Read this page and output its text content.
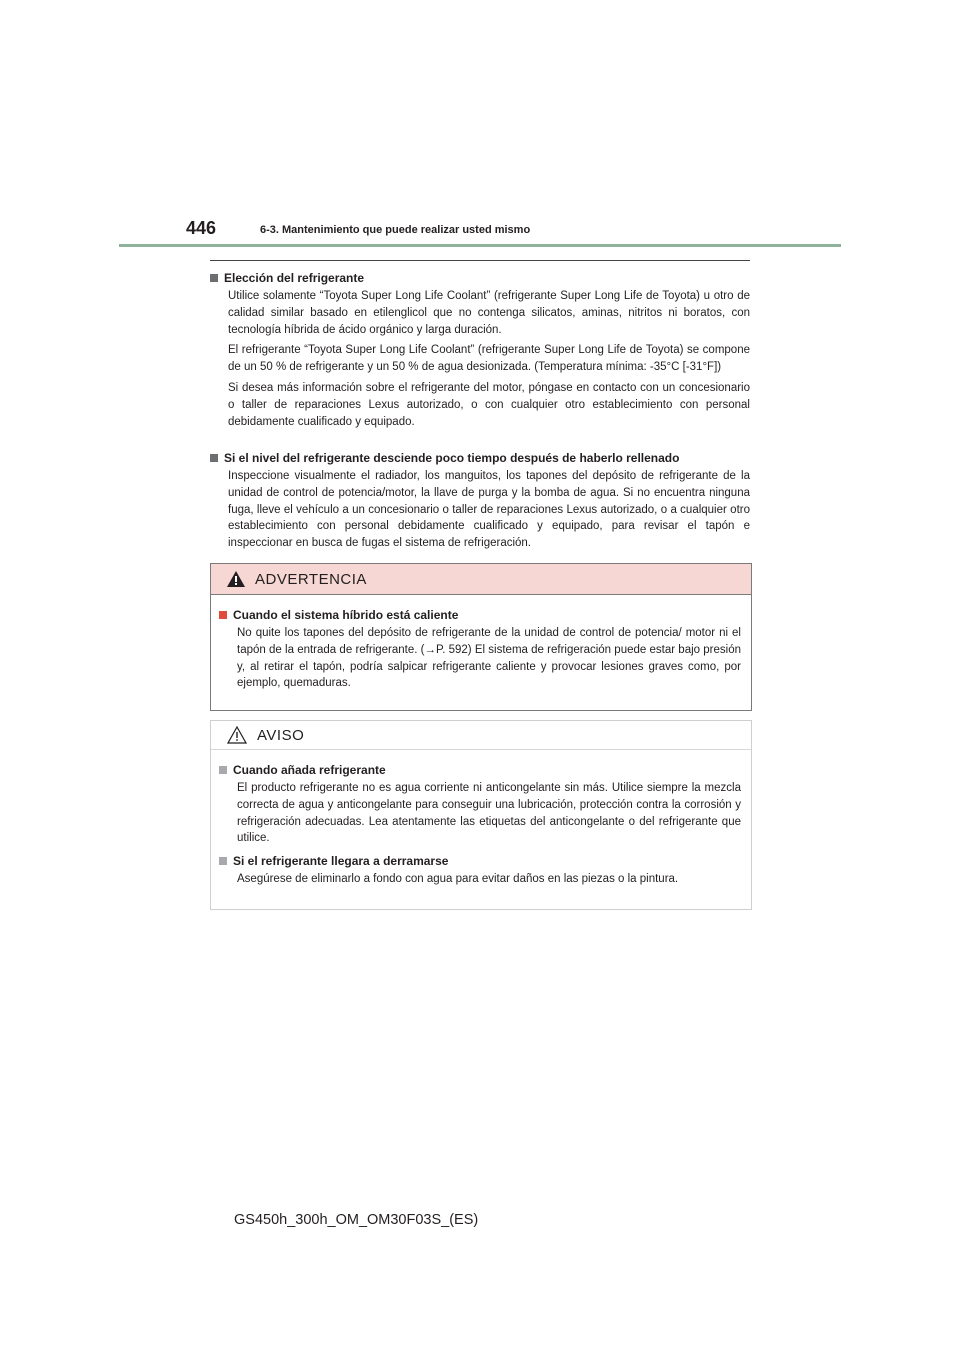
446	6-3. Mantenimiento que puede realizar usted mismo
Elección del refrigerante

Utilice solamente “Toyota Super Long Life Coolant” (refrigerante Super Long Life de Toyota) u otro de calidad similar basado en etilenglicol que no contenga silicatos, aminas, nitritos ni boratos, con tecnología híbrida de ácido orgánico y larga duración.

El refrigerante “Toyota Super Long Life Coolant” (refrigerante Super Long Life de Toyota) se compone de un 50 % de refrigerante y un 50 % de agua desionizada. (Temperatura mínima: -35°C [-31°F])

Si desea más información sobre el refrigerante del motor, póngase en contacto con un concesionario o taller de reparaciones Lexus autorizado, o con cualquier otro establecimiento con personal debidamente cualificado y equipado.

Si el nivel del refrigerante desciende poco tiempo después de haberlo rellenado

Inspeccione visualmente el radiador, los manguitos, los tapones del depósito de refrigerante de la unidad de control de potencia/motor, la llave de purga y la bomba de agua. Si no encuentra ninguna fuga, lleve el vehículo a un concesionario o taller de reparaciones Lexus autorizado, o a cualquier otro establecimiento con personal debidamente cualificado y equipado, para revisar el tapón e inspeccionar en busca de fugas el sistema de refrigeración.

ADVERTENCIA
Cuando el sistema híbrido está caliente

No quite los tapones del depósito de refrigerante de la unidad de control de potencia/ motor ni el tapón de la entrada de refrigerante. (→P. 592) El sistema de refrigeración puede estar bajo presión y, al retirar el tapón, podría salpicar refrigerante caliente y provocar lesiones graves como, por ejemplo, quemaduras.

AVISO
Cuando añada refrigerante

El producto refrigerante no es agua corriente ni anticongelante sin más. Utilice siempre la mezcla correcta de agua y anticongelante para conseguir una lubricación, protección contra la corrosión y refrigeración adecuadas. Lea atentamente las etiquetas del anticongelante o del refrigerante que utilice.

Si el refrigerante llegara a derramarse

Asegúrese de eliminarlo a fondo con agua para evitar daños en las piezas o la pintura.

GS450h_300h_OM_OM30F03S_(ES)
